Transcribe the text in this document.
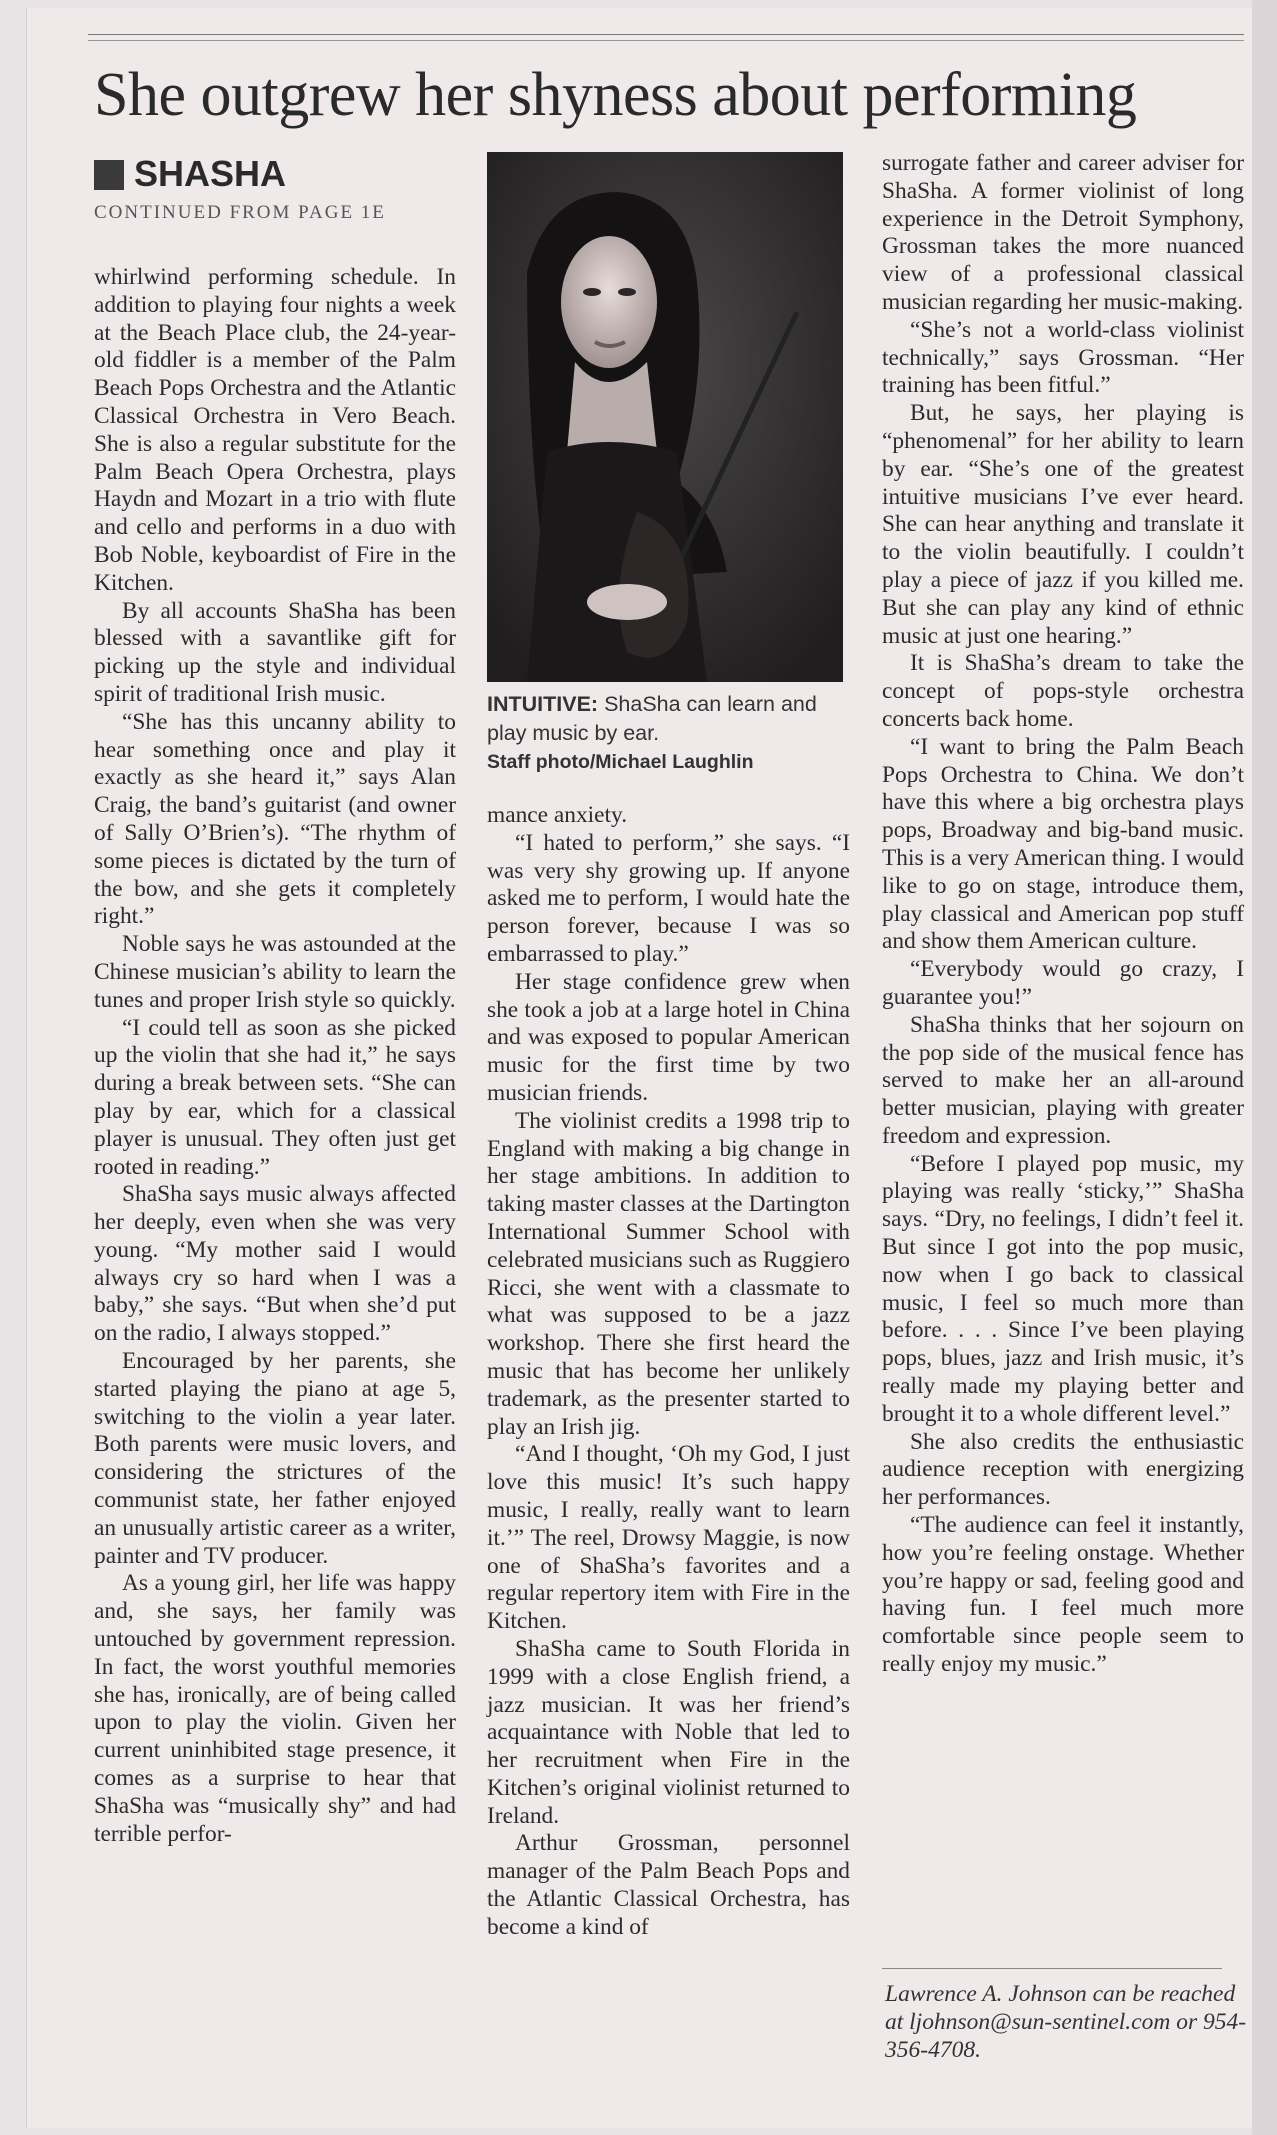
She outgrew her shyness about performing
SHASHA
CONTINUED FROM PAGE 1E

whirlwind performing schedule. In addition to playing four nights a week at the Beach Place club, the 24-year-old fiddler is a member of the Palm Beach Pops Orchestra and the Atlantic Classical Orchestra in Vero Beach. She is also a regular substitute for the Palm Beach Opera Orchestra, plays Haydn and Mozart in a trio with flute and cello and performs in a duo with Bob Noble, keyboardist of Fire in the Kitchen.

By all accounts ShaSha has been blessed with a savantlike gift for picking up the style and individual spirit of traditional Irish music.

“She has this uncanny ability to hear something once and play it exactly as she heard it,” says Alan Craig, the band’s guitarist (and owner of Sally O’Brien’s). “The rhythm of some pieces is dictated by the turn of the bow, and she gets it completely right.”

Noble says he was astounded at the Chinese musician’s ability to learn the tunes and proper Irish style so quickly.

“I could tell as soon as she picked up the violin that she had it,” he says during a break between sets. “She can play by ear, which for a classical player is unusual. They often just get rooted in reading.”

ShaSha says music always affected her deeply, even when she was very young. “My mother said I would always cry so hard when I was a baby,” she says. “But when she’d put on the radio, I always stopped.”

Encouraged by her parents, she started playing the piano at age 5, switching to the violin a year later. Both parents were music lovers, and considering the strictures of the communist state, her father enjoyed an unusually artistic career as a writer, painter and TV producer.

As a young girl, her life was happy and, she says, her family was untouched by government repression. In fact, the worst youthful memories she has, ironically, are of being called upon to play the violin. Given her current uninhibited stage presence, it comes as a surprise to hear that ShaSha was “musically shy” and had terrible perfor-

INTUITIVE: ShaSha can learn and play music by ear.
Staff photo/Michael Laughlin

mance anxiety.

“I hated to perform,” she says. “I was very shy growing up. If anyone asked me to perform, I would hate the person forever, because I was so embarrassed to play.”

Her stage confidence grew when she took a job at a large hotel in China and was exposed to popular American music for the first time by two musician friends.

The violinist credits a 1998 trip to England with making a big change in her stage ambitions. In addition to taking master classes at the Dartington International Summer School with celebrated musicians such as Ruggiero Ricci, she went with a classmate to what was supposed to be a jazz workshop. There she first heard the music that has become her unlikely trademark, as the presenter started to play an Irish jig.

“And I thought, ‘Oh my God, I just love this music! It’s such happy music, I really, really want to learn it.’” The reel, Drowsy Maggie, is now one of ShaSha’s favorites and a regular repertory item with Fire in the Kitchen.

ShaSha came to South Florida in 1999 with a close English friend, a jazz musician. It was her friend’s acquaintance with Noble that led to her recruitment when Fire in the Kitchen’s original violinist returned to Ireland.

Arthur Grossman, personnel manager of the Palm Beach Pops and the Atlantic Classical Orchestra, has become a kind of

surrogate father and career adviser for ShaSha. A former violinist of long experience in the Detroit Symphony, Grossman takes the more nuanced view of a professional classical musician regarding her music-making.

“She’s not a world-class violinist technically,” says Grossman. “Her training has been fitful.”

But, he says, her playing is “phenomenal” for her ability to learn by ear. “She’s one of the greatest intuitive musicians I’ve ever heard. She can hear anything and translate it to the violin beautifully. I couldn’t play a piece of jazz if you killed me. But she can play any kind of ethnic music at just one hearing.”

It is ShaSha’s dream to take the concept of pops-style orchestra concerts back home.

“I want to bring the Palm Beach Pops Orchestra to China. We don’t have this where a big orchestra plays pops, Broadway and big-band music. This is a very American thing. I would like to go on stage, introduce them, play classical and American pop stuff and show them American culture.

“Everybody would go crazy, I guarantee you!”

ShaSha thinks that her sojourn on the pop side of the musical fence has served to make her an all-around better musician, playing with greater freedom and expression.

“Before I played pop music, my playing was really ‘sticky,’” ShaSha says. “Dry, no feelings, I didn’t feel it. But since I got into the pop music, now when I go back to classical music, I feel so much more than before. . . . Since I’ve been playing pops, blues, jazz and Irish music, it’s really made my playing better and brought it to a whole different level.”

She also credits the enthusiastic audience reception with energizing her performances.

“The audience can feel it instantly, how you’re feeling onstage. Whether you’re happy or sad, feeling good and having fun. I feel much more comfortable since people seem to really enjoy my music.”

Lawrence A. Johnson can be reached at ljohnson@sun-sentinel.com or 954-356-4708.
